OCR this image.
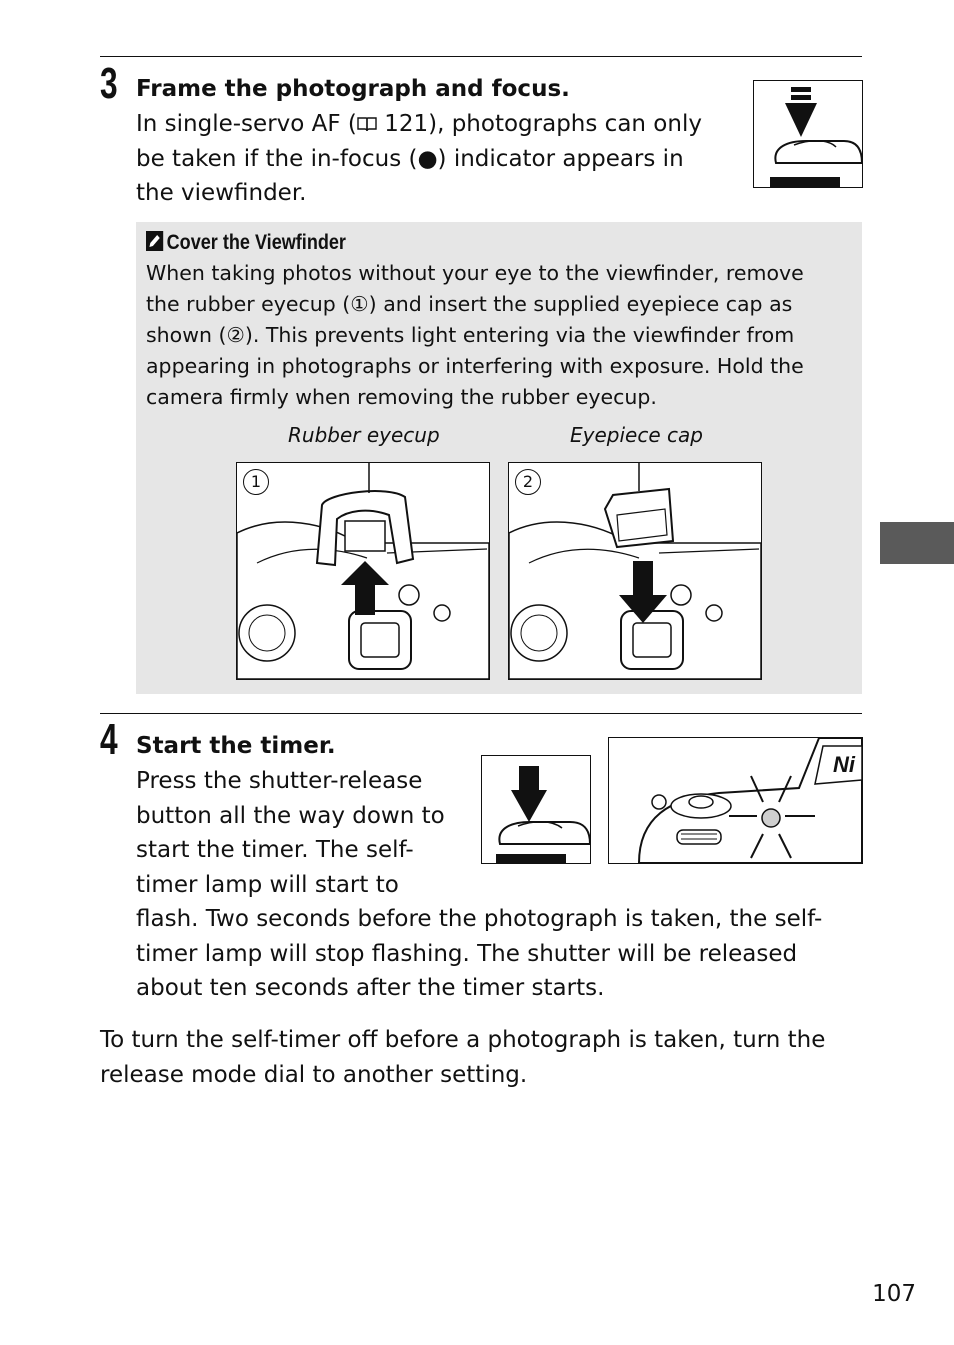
3 Frame the photograph and focus.
In single-servo AF ( 121), photographs can only
be taken if the in-focus (●) indicator appears in
the viewfinder.
Cover the Viewfinder
When taking photos without your eye to the viewfinder, remove
the rubber eyecup (①) and insert the supplied eyepiece cap as
shown (②). This prevents light entering via the viewfinder from
appearing in photographs or interfering with exposure. Hold the
camera firmly when removing the rubber eyecup.
Rubber eyecup	Eyepiece cap
1	2
4 Start the timer.
Press the shutter-release
button all the way down to
start the timer. The self-
timer lamp will start to
flash. Two seconds before the photograph is taken, the self-
timer lamp will stop flashing. The shutter will be released
about ten seconds after the timer starts.
Ni
To turn the self-timer off before a photograph is taken, turn the
release mode dial to another setting.
107
